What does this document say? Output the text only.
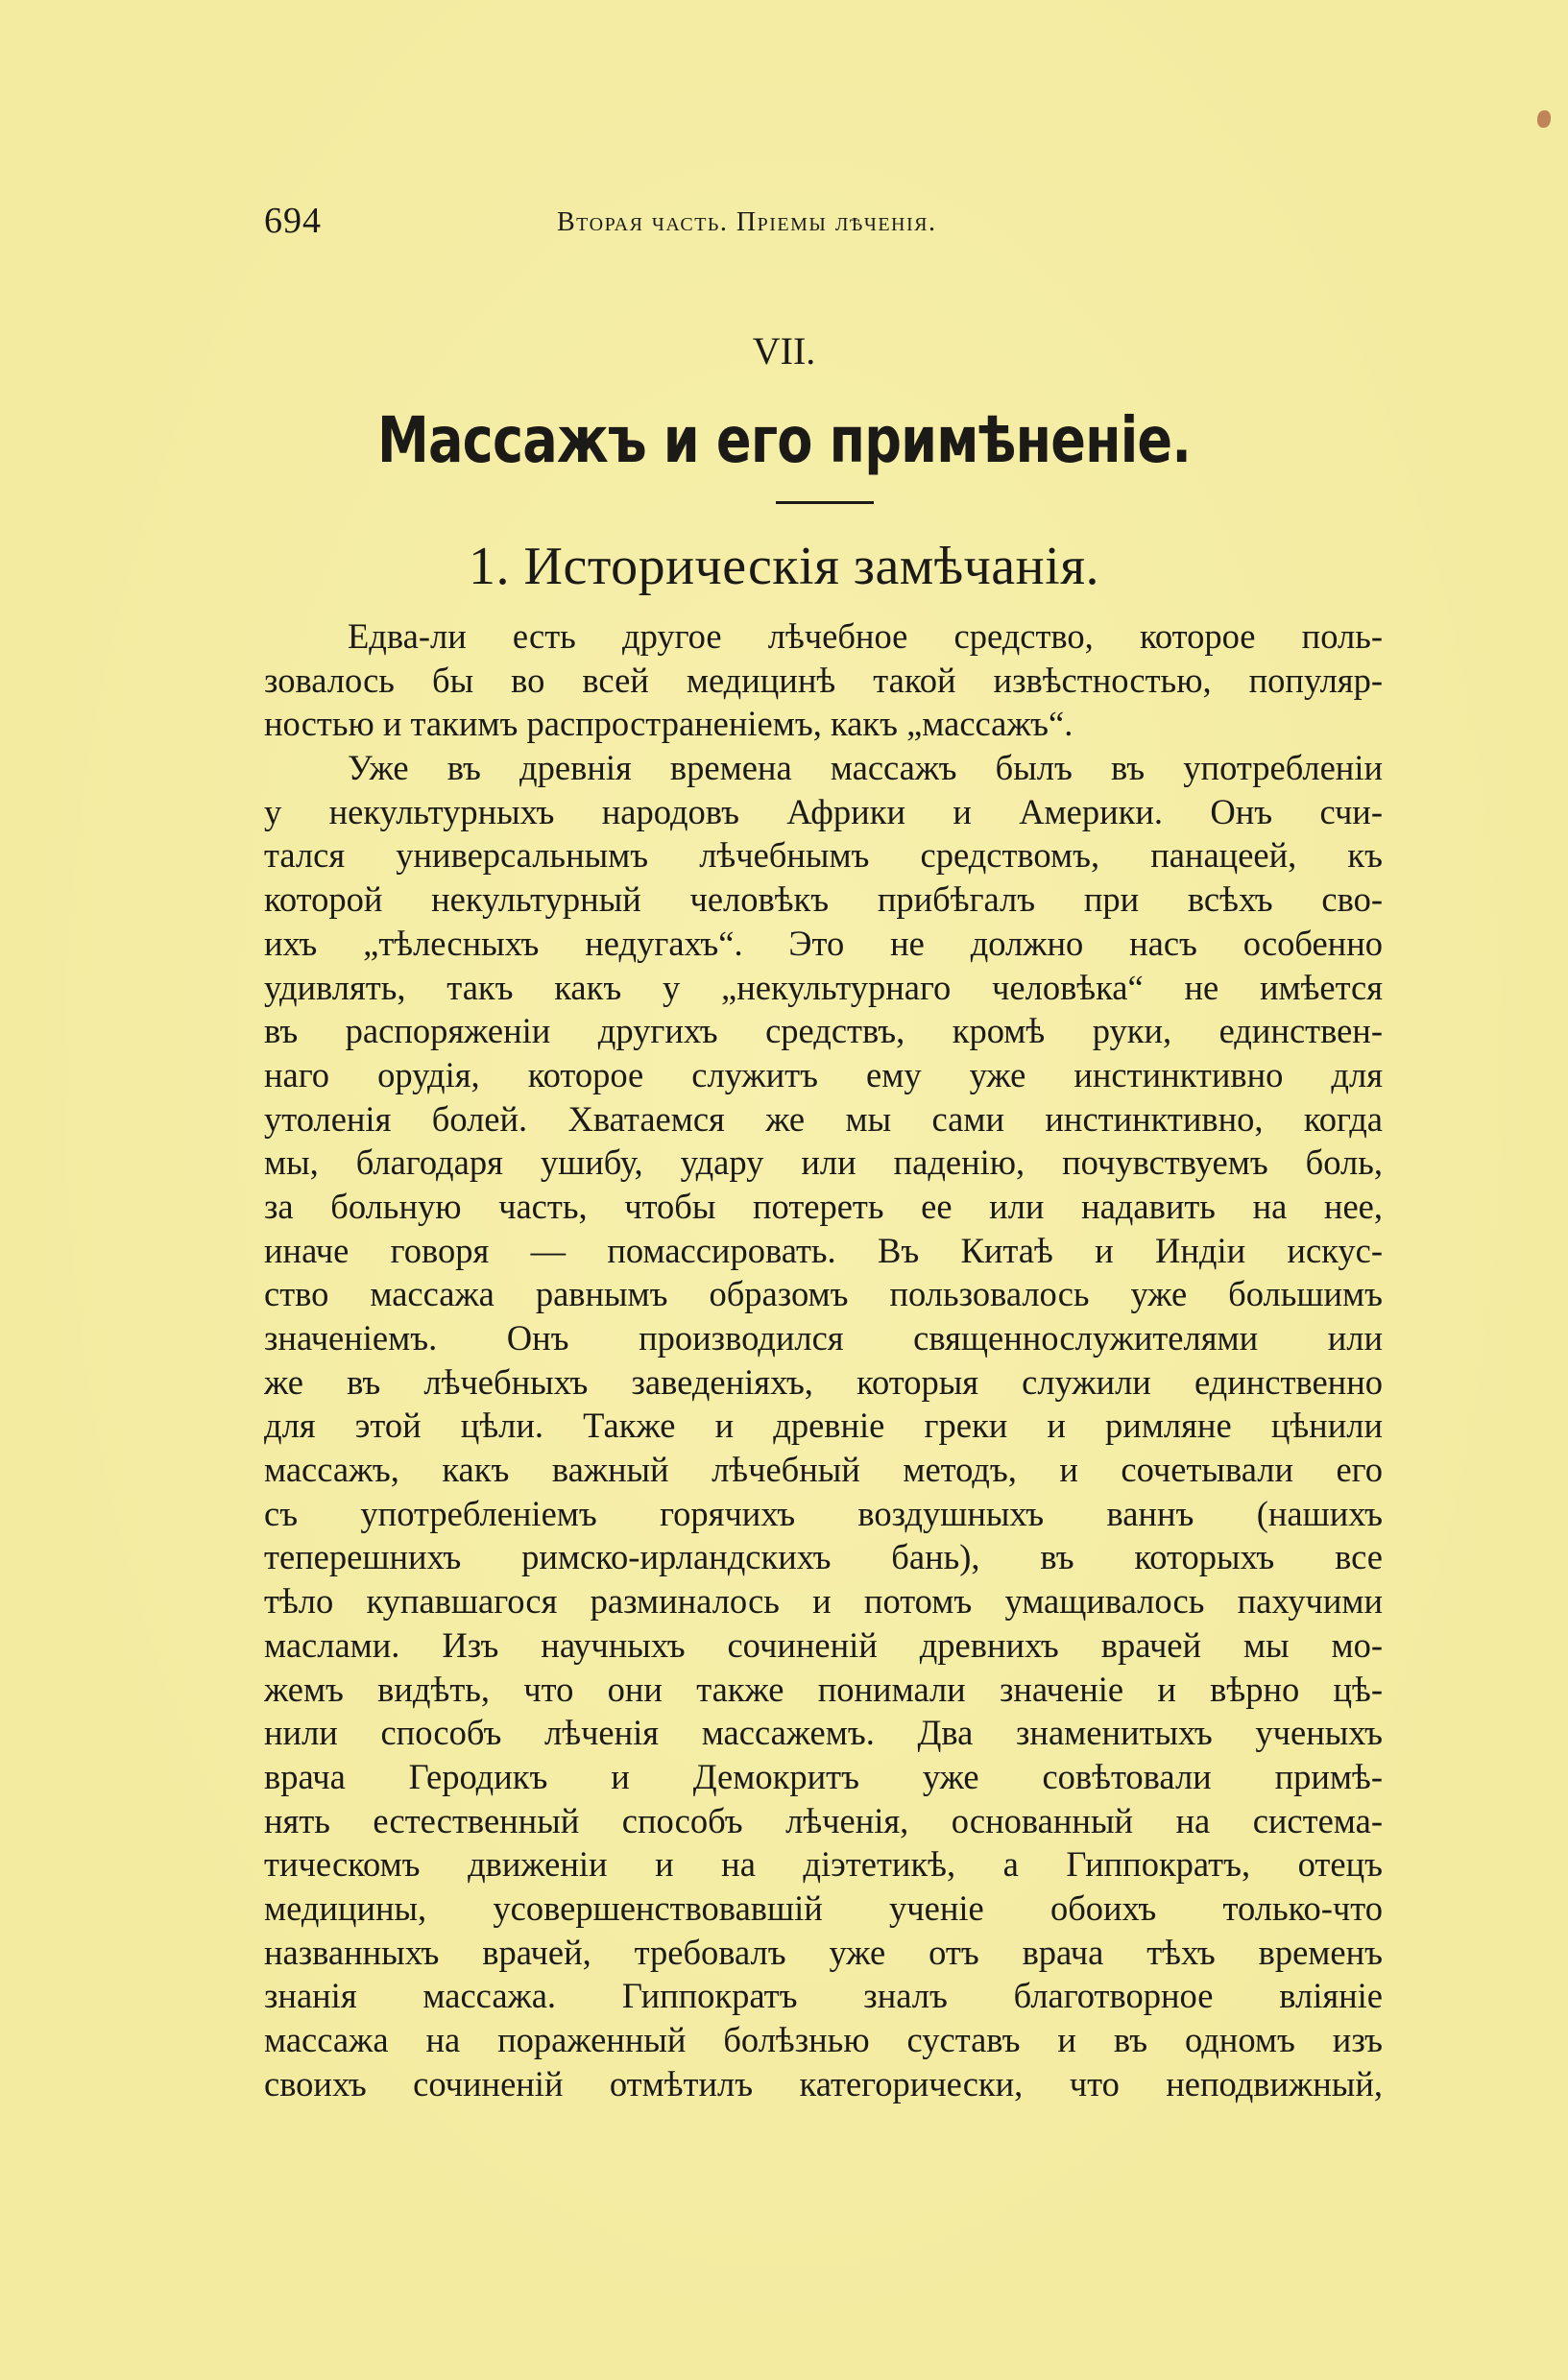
694	Вторая часть. Пріемы лѣченія.
VII.
Массажъ и его примѣненіе.
1. Историческія замѣчанія.
Едва-ли есть другое лѣчебное средство, которое поль-
зовалось бы во всей медицинѣ такой извѣстностью, популяр-
ностью и такимъ распространеніемъ, какъ „массажъ“.
Уже въ древнія времена массажъ былъ въ употребленіи
у некультурныхъ народовъ Африки и Америки. Онъ счи-
тался универсальнымъ лѣчебнымъ средствомъ, панацеей, къ
которой некультурный человѣкъ прибѣгалъ при всѣхъ сво-
ихъ „тѣлесныхъ недугахъ“. Это не должно насъ особенно
удивлять, такъ какъ у „некультурнаго человѣка“ не имѣется
въ распоряженіи другихъ средствъ, кромѣ руки, единствен-
наго орудія, которое служитъ ему уже инстинктивно для
утоленія болей. Хватаемся же мы сами инстинктивно, когда
мы, благодаря ушибу, удару или паденію, почувствуемъ боль,
за больную часть, чтобы потереть ее или надавить на нее,
иначе говоря — помассировать. Въ Китаѣ и Индіи искус-
ство массажа равнымъ образомъ пользовалось уже большимъ
значеніемъ. Онъ производился священнослужителями или
же въ лѣчебныхъ заведеніяхъ, которыя служили единственно
для этой цѣли. Также и древніе греки и римляне цѣнили
массажъ, какъ важный лѣчебный методъ, и сочетывали его
съ употребленіемъ горячихъ воздушныхъ ваннъ (нашихъ
теперешнихъ римско-ирландскихъ бань), въ которыхъ все
тѣло купавшагося разминалось и потомъ умащивалось пахучими
маслами. Изъ научныхъ сочиненій древнихъ врачей мы мо-
жемъ видѣть, что они также понимали значеніе и вѣрно цѣ-
нили способъ лѣченія массажемъ. Два знаменитыхъ ученыхъ
врача Геродикъ и Демокритъ уже совѣтовали примѣ-
нять естественный способъ лѣченія, основанный на система-
тическомъ движеніи и на діэтетикѣ, а Гиппократъ, отецъ
медицины, усовершенствовавшій ученіе обоихъ только-что
названныхъ врачей, требовалъ уже отъ врача тѣхъ временъ
знанія массажа. Гиппократъ зналъ благотворное вліяніе
массажа на пораженный болѣзнью суставъ и въ одномъ изъ
своихъ сочиненій отмѣтилъ категорически, что неподвижный,
